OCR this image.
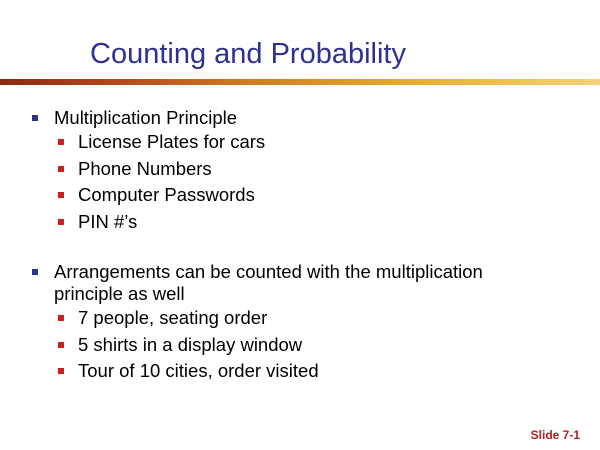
Counting and Probability
Multiplication Principle
License Plates for cars
Phone Numbers
Computer Passwords
PIN #’s
Arrangements can be counted with the multiplication
principle as well
7 people, seating order
5 shirts in a display window
Tour of 10 cities, order visited
Slide 7-1
